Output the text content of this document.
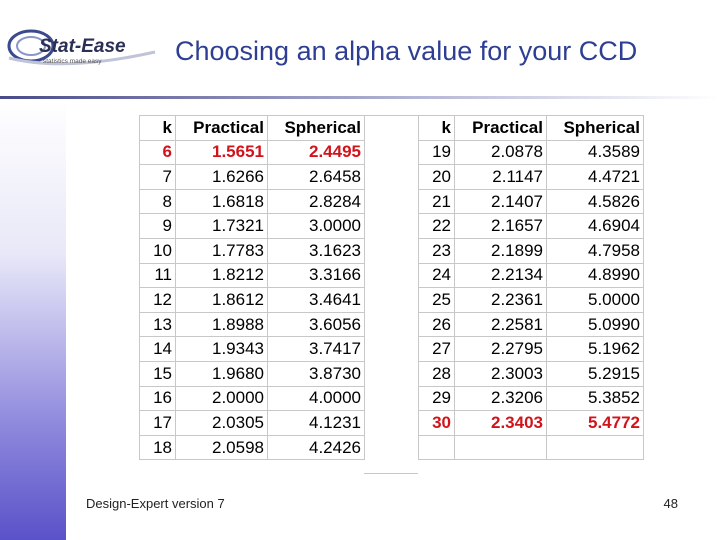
Stat-Ease
statistics made easy	Choosing an alpha value for your CCD
k	Practical	Spherical
6	1.5651	2.4495
7	1.6266	2.6458
8	1.6818	2.8284
9	1.7321	3.0000
10	1.7783	3.1623
11	1.8212	3.3166
12	1.8612	3.4641
13	1.8988	3.6056
14	1.9343	3.7417
15	1.9680	3.8730
16	2.0000	4.0000
17	2.0305	4.1231
18	2.0598	4.2426
k	Practical	Spherical
19	2.0878	4.3589
20	2.1147	4.4721
21	2.1407	4.5826
22	2.1657	4.6904
23	2.1899	4.7958
24	2.2134	4.8990
25	2.2361	5.0000
26	2.2581	5.0990
27	2.2795	5.1962
28	2.3003	5.2915
29	2.3206	5.3852
30	2.3403	5.4772

Design-Expert version 7	48
